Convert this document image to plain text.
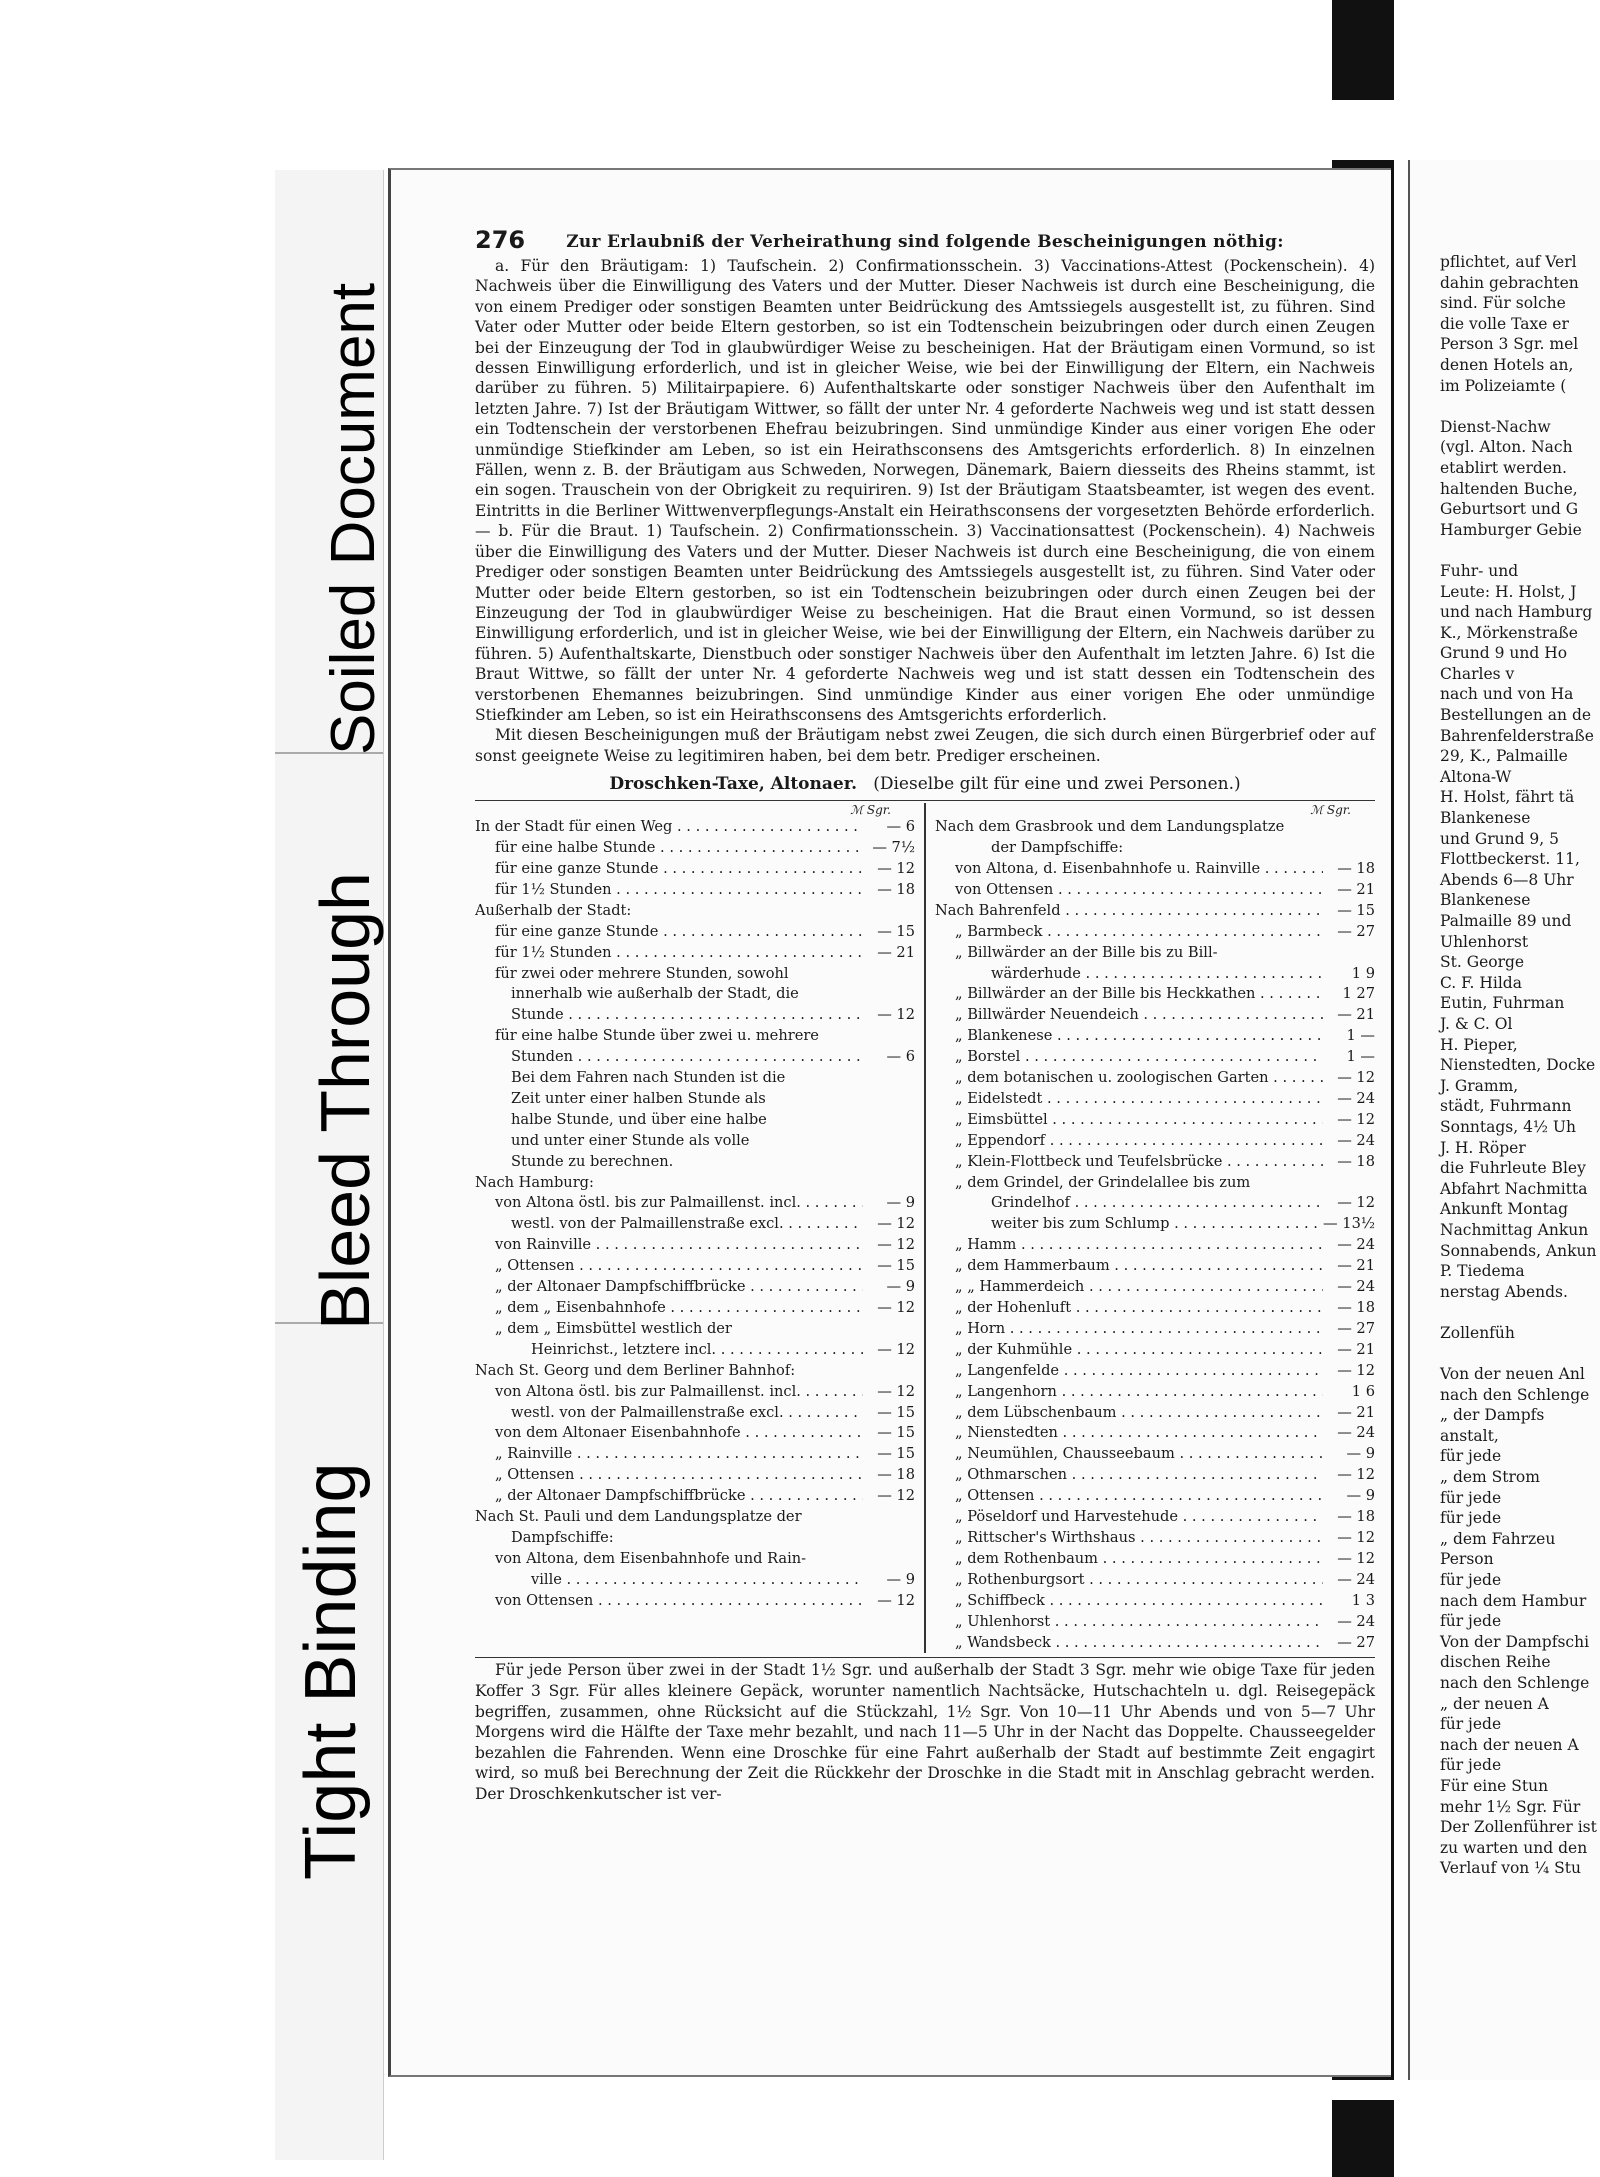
Soiled Document
Bleed Through
Tight Binding
276	Zur Erlaubniß der Verheirathung sind folgende Bescheinigungen nöthig:

a. Für den Bräutigam: 1) Taufschein. 2) Confirmationsschein. 3) Vaccinations-Attest (Pockenschein). 4) Nachweis über die Einwilligung des Vaters und der Mutter. Dieser Nachweis ist durch eine Bescheinigung, die von einem Prediger oder sonstigen Beamten unter Beidrückung des Amtssiegels ausgestellt ist, zu führen. Sind Vater oder Mutter oder beide Eltern gestorben, so ist ein Todtenschein beizubringen oder durch einen Zeugen bei der Einzeugung der Tod in glaubwürdiger Weise zu bescheinigen. Hat der Bräutigam einen Vormund, so ist dessen Einwilligung erforderlich, und ist in gleicher Weise, wie bei der Einwilligung der Eltern, ein Nachweis darüber zu führen. 5) Militairpapiere. 6) Aufenthaltskarte oder sonstiger Nachweis über den Aufenthalt im letzten Jahre. 7) Ist der Bräutigam Wittwer, so fällt der unter Nr. 4 geforderte Nachweis weg und ist statt dessen ein Todtenschein der verstorbenen Ehefrau beizubringen. Sind unmündige Kinder aus einer vorigen Ehe oder unmündige Stiefkinder am Leben, so ist ein Heirathsconsens des Amtsgerichts erforderlich. 8) In einzelnen Fällen, wenn z. B. der Bräutigam aus Schweden, Norwegen, Dänemark, Baiern diesseits des Rheins stammt, ist ein sogen. Trauschein von der Obrigkeit zu requiriren. 9) Ist der Bräutigam Staatsbeamter, ist wegen des event. Eintritts in die Berliner Wittwenverpflegungs-Anstalt ein Heirathsconsens der vorgesetzten Behörde erforderlich. — b. Für die Braut. 1) Taufschein. 2) Confirmationsschein. 3) Vaccinationsattest (Pockenschein). 4) Nachweis über die Einwilligung des Vaters und der Mutter. Dieser Nachweis ist durch eine Bescheinigung, die von einem Prediger oder sonstigen Beamten unter Beidrückung des Amtssiegels ausgestellt ist, zu führen. Sind Vater oder Mutter oder beide Eltern gestorben, so ist ein Todtenschein beizubringen oder durch einen Zeugen bei der Einzeugung der Tod in glaubwürdiger Weise zu bescheinigen. Hat die Braut einen Vormund, so ist dessen Einwilligung erforderlich, und ist in gleicher Weise, wie bei der Einwilligung der Eltern, ein Nachweis darüber zu führen. 5) Aufenthaltskarte, Dienstbuch oder sonstiger Nachweis über den Aufenthalt im letzten Jahre. 6) Ist die Braut Wittwe, so fällt der unter Nr. 4 geforderte Nachweis weg und ist statt dessen ein Todtenschein des verstorbenen Ehemannes beizubringen. Sind unmündige Kinder aus einer vorigen Ehe oder unmündige Stiefkinder am Leben, so ist ein Heirathsconsens des Amtsgerichts erforderlich.

Mit diesen Bescheinigungen muß der Bräutigam nebst zwei Zeugen, die sich durch einen Bürgerbrief oder auf sonst geeignete Weise zu legitimiren haben, bei dem betr. Prediger erscheinen.

Droschken-Taxe, Altonaer. (Dieselbe gilt für eine und zwei Personen.)
ℳ Sgr.
In der Stadt für einen Weg . . .	— 6
für eine halbe Stunde . . .	— 7½
für eine ganze Stunde . . .	— 12
für 1½ Stunden . . .	— 18
Außerhalb der Stadt:
für eine ganze Stunde . . .	— 15
für 1½ Stunden . . .	— 21
für zwei oder mehrere Stunden, sowohl
innerhalb wie außerhalb der Stadt, die
Stunde . . .	— 12
für eine halbe Stunde über zwei u. mehrere
Stunden . . .	— 6
Bei dem Fahren nach Stunden ist die
Zeit unter einer halben Stunde als
halbe Stunde, und über eine halbe
und unter einer Stunde als volle
Stunde zu berechnen.
Nach Hamburg:
von Altona östl. bis zur Palmaillenst. incl. . . .	— 9
westl. von der Palmaillenstraße excl. . . .	— 12
von Rainville . . .	— 12
„ Ottensen . . .	— 15
„ der Altonaer Dampfschiffbrücke . . .	— 9
„ dem „ Eisenbahnhofe . . .	— 12
„ dem „ Eimsbüttel westlich der
Heinrichst., letztere incl. . . .	— 12
Nach St. Georg und dem Berliner Bahnhof:
von Altona östl. bis zur Palmaillenst. incl. . . .	— 12
westl. von der Palmaillenstraße excl. . . .	— 15
von dem Altonaer Eisenbahnhofe . . .	— 15
„ Rainville . . .	— 15
„ Ottensen . . .	— 18
„ der Altonaer Dampfschiffbrücke . . .	— 12
Nach St. Pauli und dem Landungsplatze der
Dampfschiffe:
von Altona, dem Eisenbahnhofe und Rain-
ville . . .	— 9
von Ottensen . . .	— 12
ℳ Sgr.
Nach dem Grasbrook und dem Landungsplatze
der Dampfschiffe:
von Altona, d. Eisenbahnhofe u. Rainville . . .	— 18
von Ottensen . . .	— 21
Nach Bahrenfeld . . .	— 15
„ Barmbeck . . .	— 27
„ Billwärder an der Bille bis zu Bill-
wärderhude . . .	1 9
„ Billwärder an der Bille bis Heckkathen . . .	1 27
„ Billwärder Neuendeich . . .	— 21
„ Blankenese . . .	1 —
„ Borstel . . .	1 —
„ dem botanischen u. zoologischen Garten . . .	— 12
„ Eidelstedt . . .	— 24
„ Eimsbüttel . . .	— 12
„ Eppendorf . . .	— 24
„ Klein-Flottbeck und Teufelsbrücke . . .	— 18
„ dem Grindel, der Grindelallee bis zum
Grindelhof . . .	— 12
weiter bis zum Schlump . . .	— 13½
„ Hamm . . .	— 24
„ dem Hammerbaum . . .	— 21
„ „ Hammerdeich . . .	— 24
„ der Hohenluft . . .	— 18
„ Horn . . .	— 27
„ der Kuhmühle . . .	— 21
„ Langenfelde . . .	— 12
„ Langenhorn . . .	1 6
„ dem Lübschenbaum . . .	— 21
„ Nienstedten . . .	— 24
„ Neumühlen, Chausseebaum . . .	— 9
„ Othmarschen . . .	— 12
„ Ottensen . . .	— 9
„ Pöseldorf und Harvestehude . . .	— 18
„ Rittscher's Wirthshaus . . .	— 12
„ dem Rothenbaum . . .	— 12
„ Rothenburgsort . . .	— 24
„ Schiffbeck . . .	1 3
„ Uhlenhorst . . .	— 24
„ Wandsbeck . . .	— 27

Für jede Person über zwei in der Stadt 1½ Sgr. und außerhalb der Stadt 3 Sgr. mehr wie obige Taxe für jeden Koffer 3 Sgr. Für alles kleinere Gepäck, worunter namentlich Nachtsäcke, Hutschachteln u. dgl. Reisegepäck begriffen, zusammen, ohne Rücksicht auf die Stückzahl, 1½ Sgr. Von 10—11 Uhr Abends und von 5—7 Uhr Morgens wird die Hälfte der Taxe mehr bezahlt, und nach 11—5 Uhr in der Nacht das Doppelte. Chausseegelder bezahlen die Fahrenden. Wenn eine Droschke für eine Fahrt außerhalb der Stadt auf bestimmte Zeit engagirt wird, so muß bei Berechnung der Zeit die Rückkehr der Droschke in die Stadt mit in Anschlag gebracht werden. Der Droschkenkutscher ist ver-

pflichtet, auf Verl
dahin gebrachten
sind. Für solche
die volle Taxe er
Person 3 Sgr. mel
denen Hotels an,
im Polizeiamte (
Dienst-Nachw
(vgl. Alton. Nach
etablirt werden.
haltenden Buche,
Geburtsort und G
Hamburger Gebie
Fuhr- und
Leute: H. Holst, J
und nach Hamburg
K., Mörkenstraße
Grund 9 und Ho
Charles v
nach und von Ha
Bestellungen an de
Bahrenfelderstraße
29, K., Palmaille
Altona-W
H. Holst, fährt tä
Blankenese
und Grund 9, 5
Flottbeckerst. 11,
Abends 6—8 Uhr
Blankenese
Palmaille 89 und
Uhlenhorst
St. George
C. F. Hilda
Eutin, Fuhrman
J. & C. Ol
H. Pieper,
Nienstedten, Docke
J. Gramm,
städt, Fuhrmann
Sonntags, 4½ Uh
J. H. Röper
die Fuhrleute Bley
Abfahrt Nachmitta
Ankunft Montag
Nachmittag Ankun
Sonnabends, Ankun
P. Tiedema
nerstag Abends.
Zollenfüh
Von der neuen Anl
nach den Schlenge
„ der Dampfs
anstalt,
für jede
„ dem Strom
für jede
für jede
„ dem Fahrzeu
Person
für jede
nach dem Hambur
für jede
Von der Dampfschi
dischen Reihe
nach den Schlenge
„ der neuen A
für jede
nach der neuen A
für jede
Für eine Stun
mehr 1½ Sgr. Für
Der Zollenführer ist
zu warten und den
Verlauf von ¼ Stu
